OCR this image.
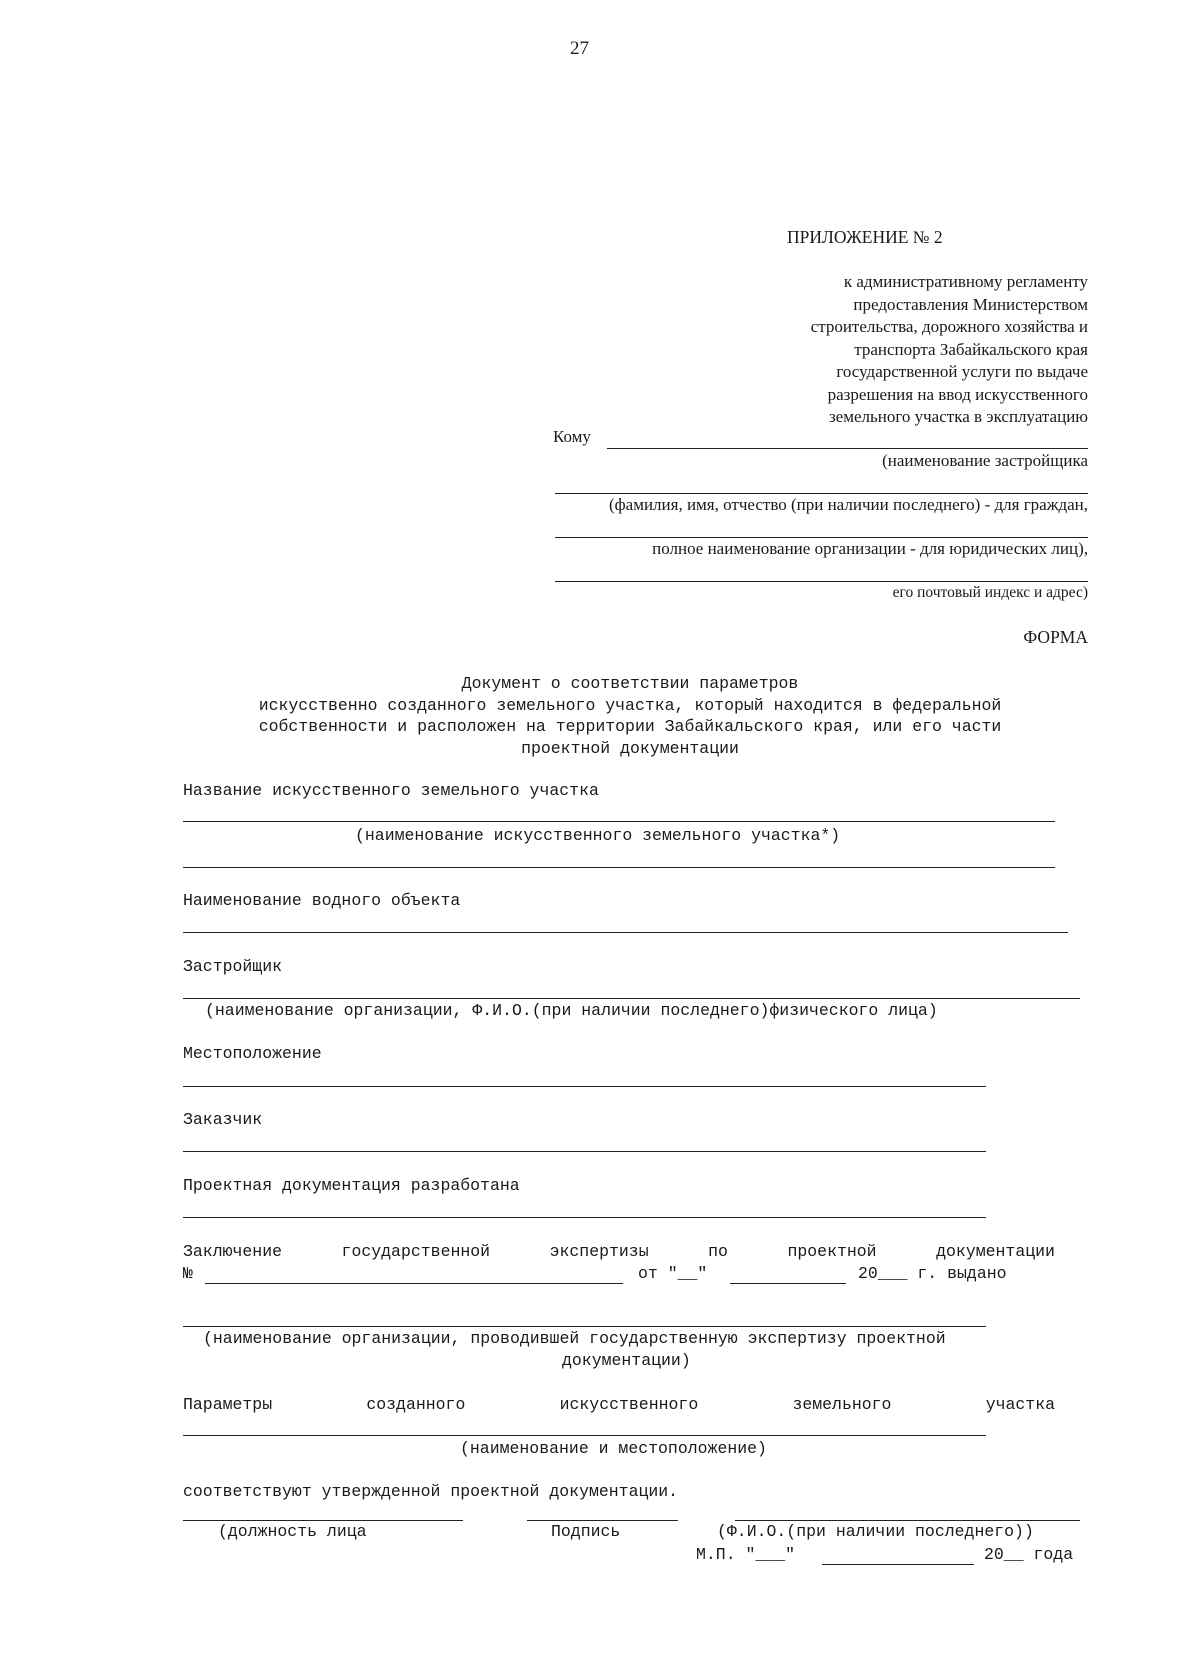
27
ПРИЛОЖЕНИЕ № 2
к административному регламенту
предоставления Министерством
строительства, дорожного хозяйства и
транспорта Забайкальского края
государственной услуги по выдаче
разрешения на ввод искусственного
земельного участка в эксплуатацию
Кому
(наименование застройщика
(фамилия, имя, отчество (при наличии последнего) - для граждан,
полное наименование организации - для юридических лиц),
его почтовый индекс и адрес)
ФОРМА
Документ о соответствии параметров
искусственно созданного земельного участка, который находится в федеральной
собственности и расположен на территории Забайкальского края, или его части
проектной документации
Название искусственного земельного участка
(наименование искусственного земельного участка*)
Наименование водного объекта
Застройщик
(наименование организации, Ф.И.О.(при наличии последнего)физического лица)
Местоположение
Заказчик
Проектная документация разработана
Заключение	государственной	экспертизы	по	проектной	документации
№	от "__"	20___ г. выдано
(наименование организации, проводившей государственную экспертизу проектной
документации)
Параметры	созданного	искусственного	земельного	участка
(наименование и местоположение)
соответствуют утвержденной проектной документации.
(должность лица	Подпись	(Ф.И.О.(при наличии последнего))
М.П. "___"	20__ года
